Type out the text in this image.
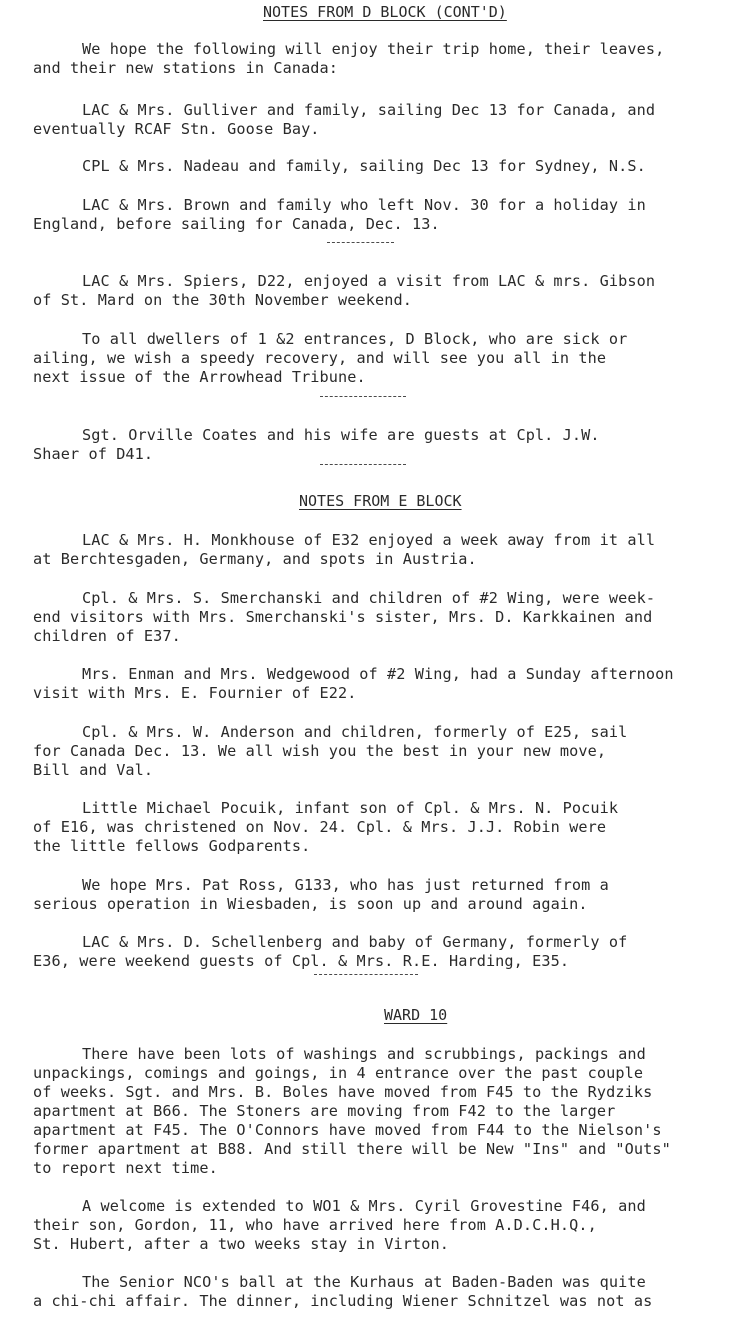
NOTES FROM D BLOCK (CONT'D)
We hope the following will enjoy their trip home, their leaves,
and their new stations in Canada:
LAC & Mrs. Gulliver and family, sailing Dec 13 for Canada, and
eventually RCAF Stn. Goose Bay.
CPL & Mrs. Nadeau and family, sailing Dec 13 for Sydney, N.S.
LAC & Mrs. Brown and family who left Nov. 30 for a holiday in
England, before sailing for Canada, Dec. 13.
LAC & Mrs. Spiers, D22, enjoyed a visit from LAC & mrs. Gibson
of St. Mard on the 30th November weekend.
To all dwellers of 1 &2 entrances, D Block, who are sick or
ailing, we wish a speedy recovery, and will see you all in the
next issue of the Arrowhead Tribune.
Sgt. Orville Coates and his wife are guests at Cpl. J.W.
Shaer of D41.
NOTES FROM E BLOCK
LAC & Mrs. H. Monkhouse of E32 enjoyed a week away from it all
at Berchtesgaden, Germany, and spots in Austria.
Cpl. & Mrs. S. Smerchanski and children of #2 Wing, were week-
end visitors with Mrs. Smerchanski's sister, Mrs. D. Karkkainen and
children of E37.
Mrs. Enman and Mrs. Wedgewood of #2 Wing, had a Sunday afternoon
visit with Mrs. E. Fournier of E22.
Cpl. & Mrs. W. Anderson and children, formerly of E25, sail
for Canada Dec. 13. We all wish you the best in your new move,
Bill and Val.
Little Michael Pocuik, infant son of Cpl. & Mrs. N. Pocuik
of E16, was christened on Nov. 24. Cpl. & Mrs. J.J. Robin were
the little fellows Godparents.
We hope Mrs. Pat Ross, G133, who has just returned from a
serious operation in Wiesbaden, is soon up and around again.
LAC & Mrs. D. Schellenberg and baby of Germany, formerly of
E36, were weekend guests of Cpl. & Mrs. R.E. Harding, E35.
WARD 10
There have been lots of washings and scrubbings, packings and
unpackings, comings and goings, in 4 entrance over the past couple
of weeks. Sgt. and Mrs. B. Boles have moved from F45 to the Rydziks
apartment at B66. The Stoners are moving from F42 to the larger
apartment at F45. The O'Connors have moved from F44 to the Nielson's
former apartment at B88. And still there will be New "Ins" and "Outs"
to report next time.
A welcome is extended to WO1 & Mrs. Cyril Grovestine F46, and
their son, Gordon, 11, who have arrived here from A.D.C.H.Q.,
St. Hubert, after a two weeks stay in Virton.
The Senior NCO's ball at the Kurhaus at Baden-Baden was quite
a chi-chi affair. The dinner, including Wiener Schnitzel was not as
